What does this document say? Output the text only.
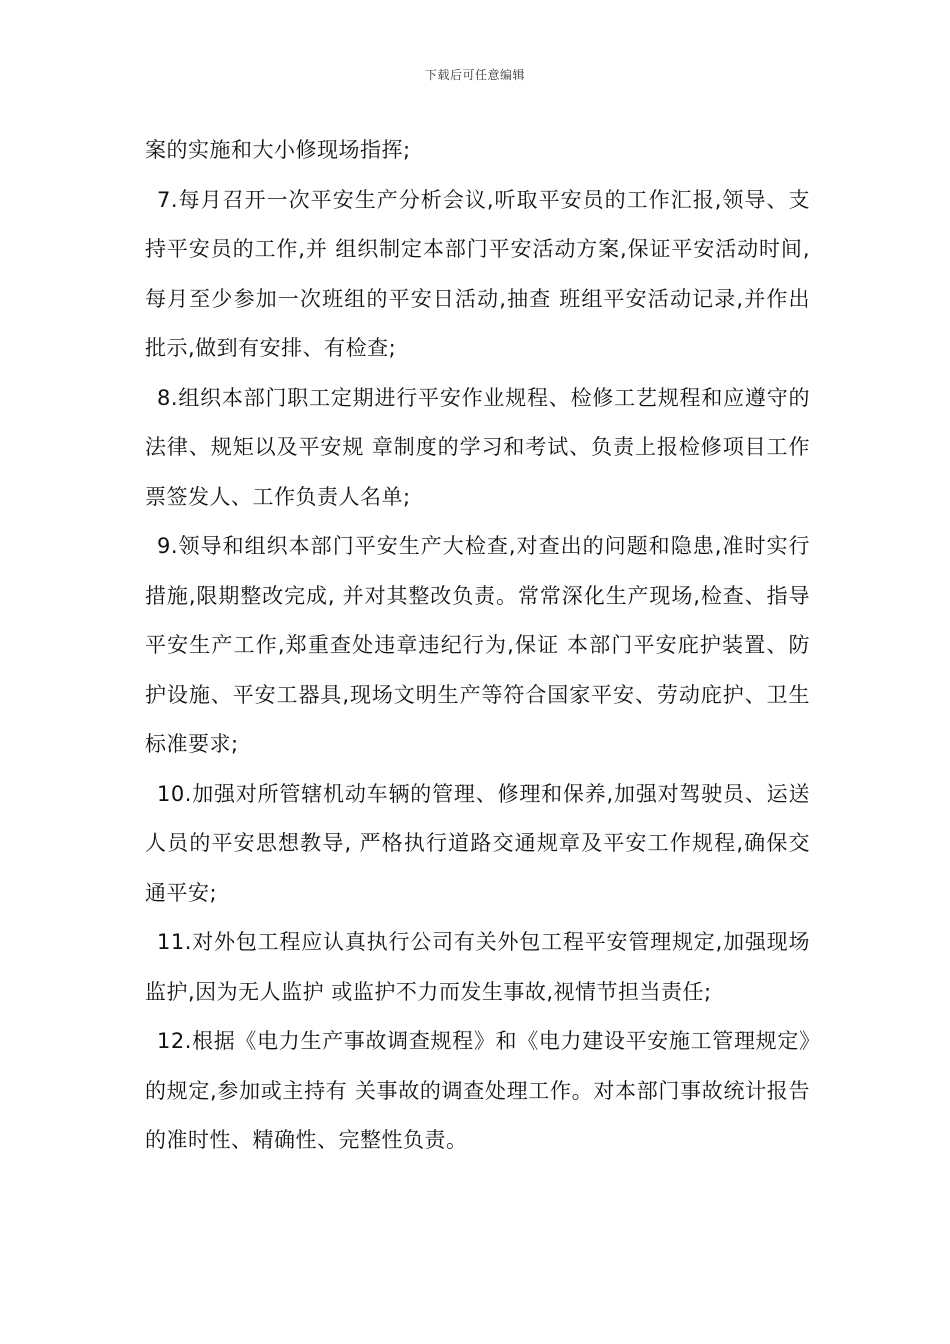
下载后可任意编辑

案的实施和大小修现场指挥;

7.每月召开一次平安生产分析会议,听取平安员的工作汇报,领导、支持平安员的工作,并 组织制定本部门平安活动方案,保证平安活动时间,每月至少参加一次班组的平安日活动,抽查 班组平安活动记录,并作出批示,做到有安排、有检查;

8.组织本部门职工定期进行平安作业规程、检修工艺规程和应遵守的法律、规矩以及平安规 章制度的学习和考试、负责上报检修项目工作票签发人、工作负责人名单;

9.领导和组织本部门平安生产大检查,对查出的问题和隐患,准时实行措施,限期整改完成, 并对其整改负责。常常深化生产现场,检查、指导平安生产工作,郑重查处违章违纪行为,保证 本部门平安庇护装置、防护设施、平安工器具,现场文明生产等符合国家平安、劳动庇护、卫生 标准要求;

10.加强对所管辖机动车辆的管理、修理和保养,加强对驾驶员、运送人员的平安思想教导, 严格执行道路交通规章及平安工作规程,确保交通平安;

11.对外包工程应认真执行公司有关外包工程平安管理规定,加强现场监护,因为无人监护 或监护不力而发生事故,视情节担当责任;

12.根据《电力生产事故调查规程》和《电力建设平安施工管理规定》的规定,参加或主持有 关事故的调查处理工作。对本部门事故统计报告的准时性、精确性、完整性负责。
